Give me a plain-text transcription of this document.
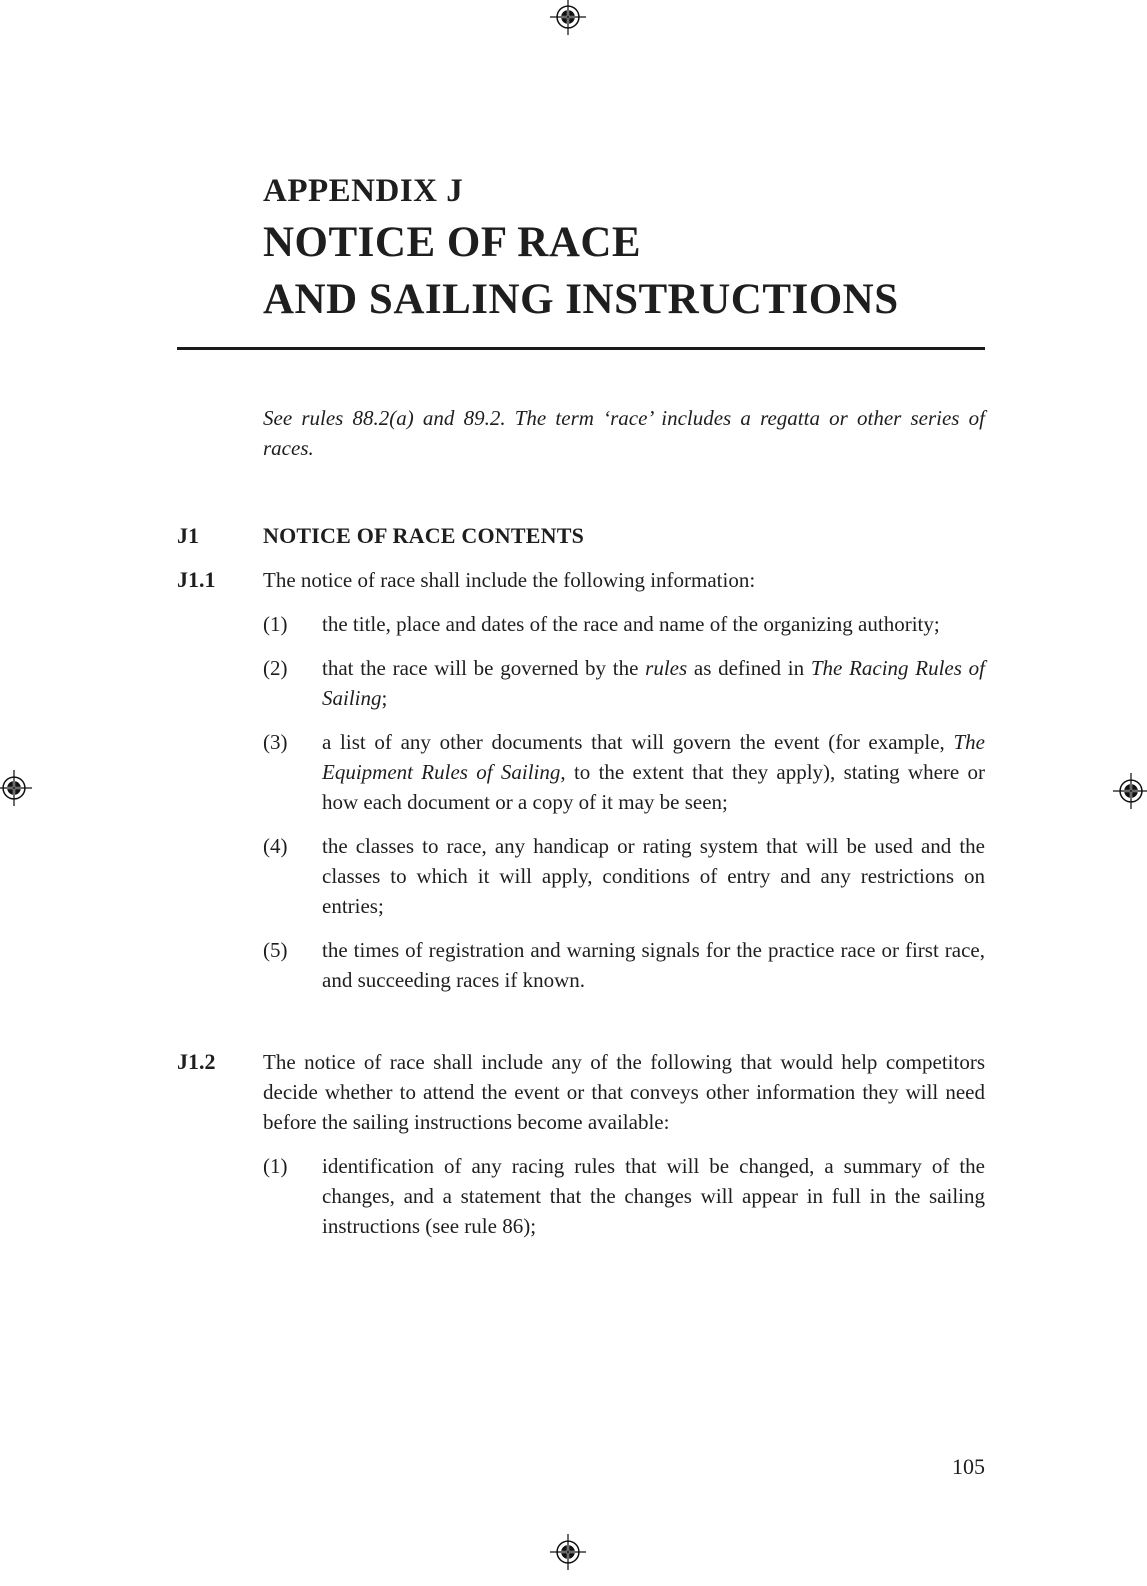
APPENDIX J
NOTICE OF RACE
AND SAILING INSTRUCTIONS

See rules 88.2(a) and 89.2. The term ‘race’ includes a regatta or other series of races.

J1	NOTICE OF RACE CONTENTS
J1.1	The notice of race shall include the following information:
(1)	the title, place and dates of the race and name of the organizing authority;
(2)	that the race will be governed by the rules as defined in The Racing Rules of Sailing;
(3)	a list of any other documents that will govern the event (for example, The Equipment Rules of Sailing, to the extent that they apply), stating where or how each document or a copy of it may be seen;
(4)	the classes to race, any handicap or rating system that will be used and the classes to which it will apply, conditions of entry and any restrictions on entries;
(5)	the times of registration and warning signals for the practice race or first race, and succeeding races if known.
J1.2	The notice of race shall include any of the following that would help competitors decide whether to attend the event or that conveys other information they will need before the sailing instructions become available:
(1)	identification of any racing rules that will be changed, a summary of the changes, and a statement that the changes will appear in full in the sailing instructions (see rule 86);
105
